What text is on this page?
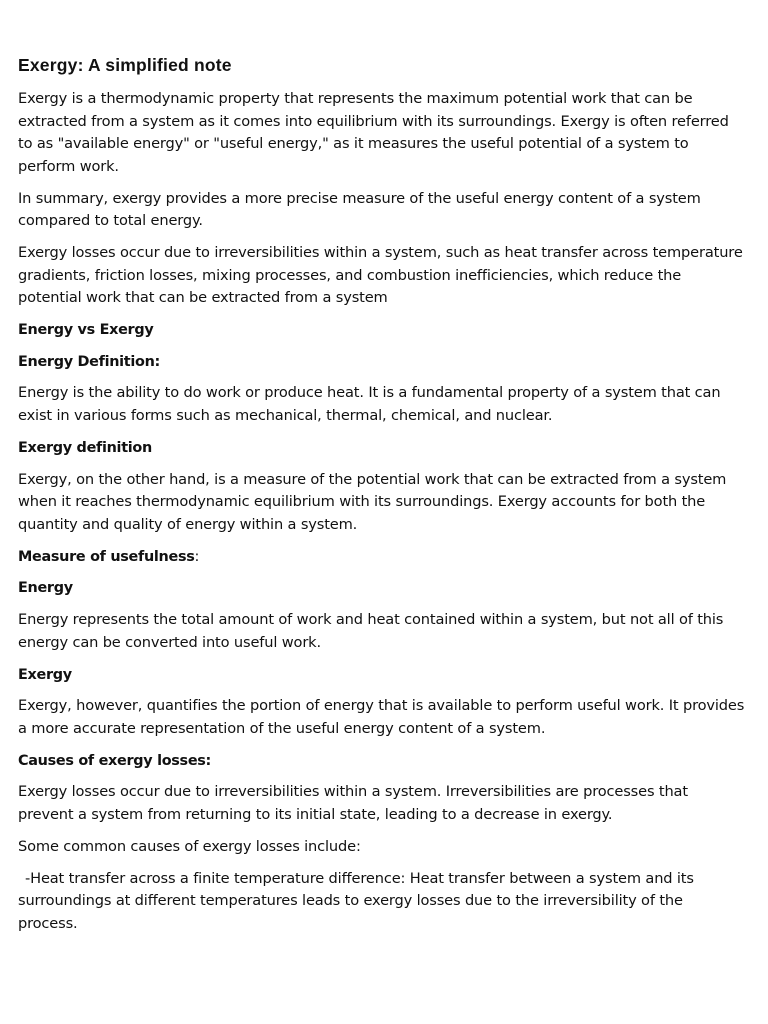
Exergy: A simplified note

Exergy is a thermodynamic property that represents the maximum potential work that can be extracted from a system as it comes into equilibrium with its surroundings. Exergy is often referred to as "available energy" or "useful energy," as it measures the useful potential of a system to perform work.

In summary, exergy provides a more precise measure of the useful energy content of a system compared to total energy.

Exergy losses occur due to irreversibilities within a system, such as heat transfer across temperature gradients, friction losses, mixing processes, and combustion inefficiencies, which reduce the potential work that can be extracted from a system

Energy vs Exergy
Energy Definition:

Energy is the ability to do work or produce heat. It is a fundamental property of a system that can exist in various forms such as mechanical, thermal, chemical, and nuclear.

Exergy definition

Exergy, on the other hand, is a measure of the potential work that can be extracted from a system when it reaches thermodynamic equilibrium with its surroundings. Exergy accounts for both the quantity and quality of energy within a system.

Measure of usefulness:
Energy

Energy represents the total amount of work and heat contained within a system, but not all of this energy can be converted into useful work.

Exergy

Exergy, however, quantifies the portion of energy that is available to perform useful work. It provides a more accurate representation of the useful energy content of a system.

Causes of exergy losses:

Exergy losses occur due to irreversibilities within a system. Irreversibilities are processes that prevent a system from returning to its initial state, leading to a decrease in exergy.

Some common causes of exergy losses include:

-Heat transfer across a finite temperature difference: Heat transfer between a system and its surroundings at different temperatures leads to exergy losses due to the irreversibility of the process.
